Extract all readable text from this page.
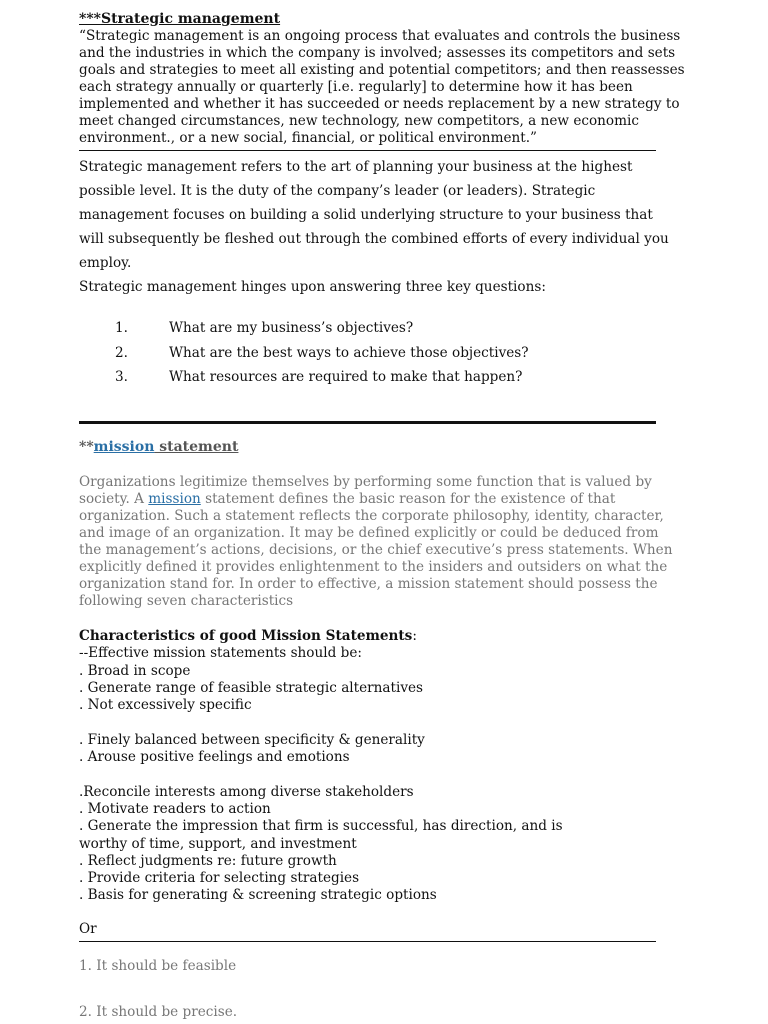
***Strategic management
“Strategic management is an ongoing process that evaluates and controls the business
and the industries in which the company is involved; assesses its competitors and sets
goals and strategies to meet all existing and potential competitors; and then reassesses
each strategy annually or quarterly [i.e. regularly] to determine how it has been
implemented and whether it has succeeded or needs replacement by a new strategy to
meet changed circumstances, new technology, new competitors, a new economic
environment., or a new social, financial, or political environment.”
Strategic management refers to the art of planning your business at the highest
possible level. It is the duty of the company’s leader (or leaders). Strategic
management focuses on building a solid underlying structure to your business that
will subsequently be fleshed out through the combined efforts of every individual you
employ.
Strategic management hinges upon answering three key questions:
1.	What are my business’s objectives?
2.	What are the best ways to achieve those objectives?
3.	What resources are required to make that happen?
**mission statement
Organizations legitimize themselves by performing some function that is valued by
society. A mission statement defines the basic reason for the existence of that
organization. Such a statement reflects the corporate philosophy, identity, character,
and image of an organization. It may be defined explicitly or could be deduced from
the management’s actions, decisions, or the chief executive’s press statements. When
explicitly defined it provides enlightenment to the insiders and outsiders on what the
organization stand for. In order to effective, a mission statement should possess the
following seven characteristics
Characteristics of good Mission Statements:
--Effective mission statements should be:
. Broad in scope
. Generate range of feasible strategic alternatives
. Not excessively specific
. Finely balanced between specificity & generality
. Arouse positive feelings and emotions
.Reconcile interests among diverse stakeholders
. Motivate readers to action
. Generate the impression that firm is successful, has direction, and is
worthy of time, support, and investment
. Reflect judgments re: future growth
. Provide criteria for selecting strategies
. Basis for generating & screening strategic options
Or
1. It should be feasible
2. It should be precise.
